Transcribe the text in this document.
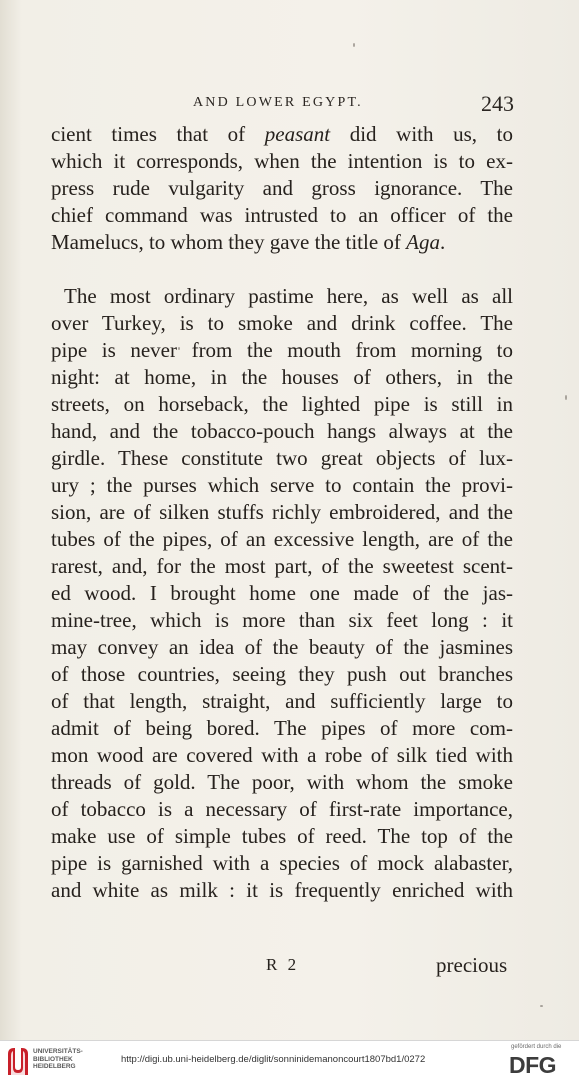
AND LOWER EGYPT.	243
cient times that of peasant did with us, to
which it corresponds, when the intention is to ex-
press rude vulgarity and gross ignorance. The
chief command was intrusted to an officer of the
Mamelucs, to whom they gave the title of Aga.
The most ordinary pastime here, as well as all
over Turkey, is to smoke and drink coffee. The
pipe is never from the mouth from morning to
night: at home, in the houses of others, in the
streets, on horseback, the lighted pipe is still in
hand, and the tobacco-pouch hangs always at the
girdle. These constitute two great objects of lux-
ury ; the purses which serve to contain the provi-
sion, are of silken stuffs richly embroidered, and the
tubes of the pipes, of an excessive length, are of the
rarest, and, for the most part, of the sweetest scent-
ed wood. I brought home one made of the jas-
mine-tree, which is more than six feet long : it
may convey an idea of the beauty of the jasmines
of those countries, seeing they push out branches
of that length, straight, and sufficiently large to
admit of being bored. The pipes of more com-
mon wood are covered with a robe of silk tied with
threads of gold. The poor, with whom the smoke
of tobacco is a necessary of first-rate importance,
make use of simple tubes of reed. The top of the
pipe is garnished with a species of mock alabaster,
and white as milk : it is frequently enriched with
R 2	precious
UNIVERSITÄTS-
BIBLIOTHEK
HEIDELBERG
http://digi.ub.uni-heidelberg.de/diglit/sonninidemanoncourt1807bd1/0272
gefördert durch die
DFG
